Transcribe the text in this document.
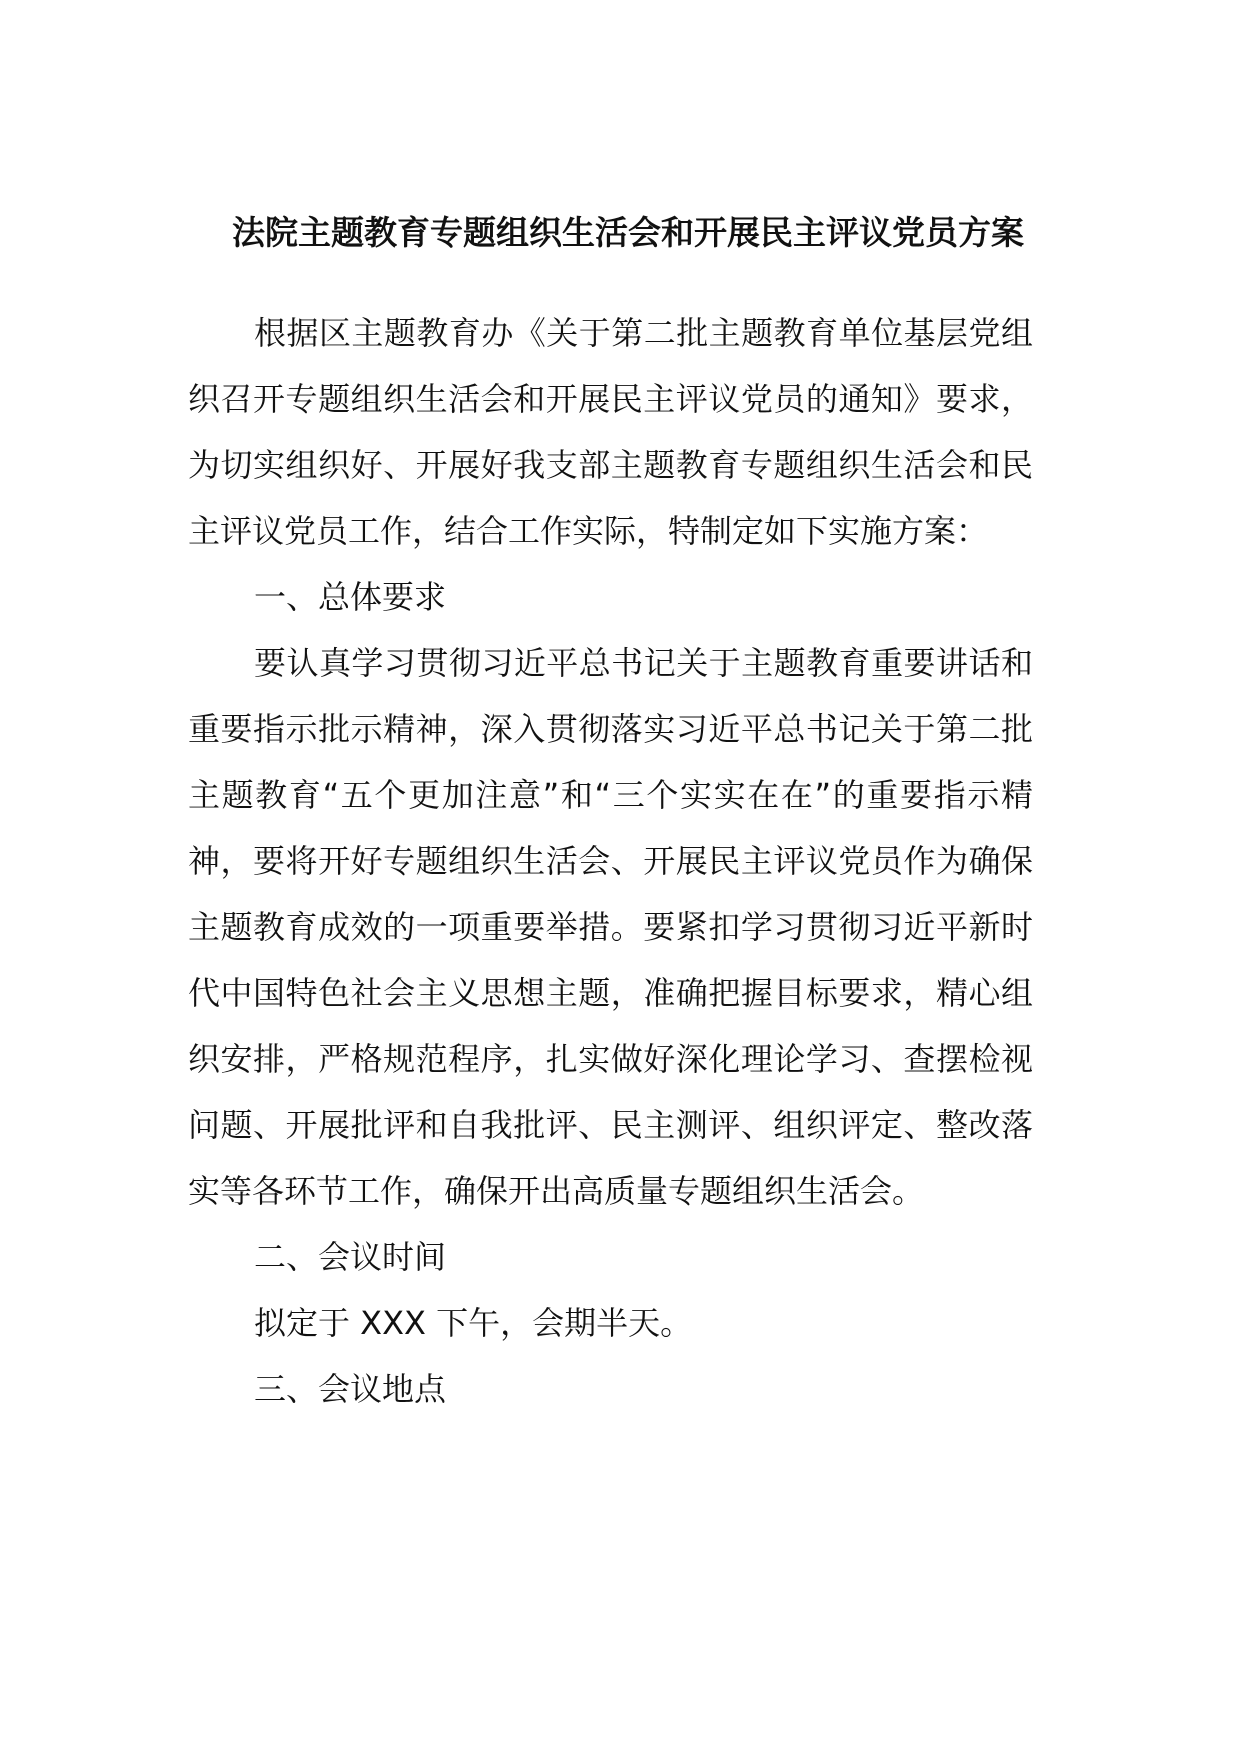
法院主题教育专题组织生活会和开展民主评议党员方案

根据区主题教育办《关于第二批主题教育单位基层党组织召开专题组织生活会和开展民主评议党员的通知》要求，为切实组织好、开展好我支部主题教育专题组织生活会和民主评议党员工作，结合工作实际，特制定如下实施方案：

一、总体要求

要认真学习贯彻习近平总书记关于主题教育重要讲话和重要指示批示精神，深入贯彻落实习近平总书记关于第二批主题教育“五个更加注意”和“三个实实在在”的重要指示精神，要将开好专题组织生活会、开展民主评议党员作为确保主题教育成效的一项重要举措。要紧扣学习贯彻习近平新时代中国特色社会主义思想主题，准确把握目标要求，精心组织安排，严格规范程序，扎实做好深化理论学习、查摆检视问题、开展批评和自我批评、民主测评、组织评定、整改落实等各环节工作，确保开出高质量专题组织生活会。

二、会议时间

拟定于 XXX 下午，会期半天。

三、会议地点
